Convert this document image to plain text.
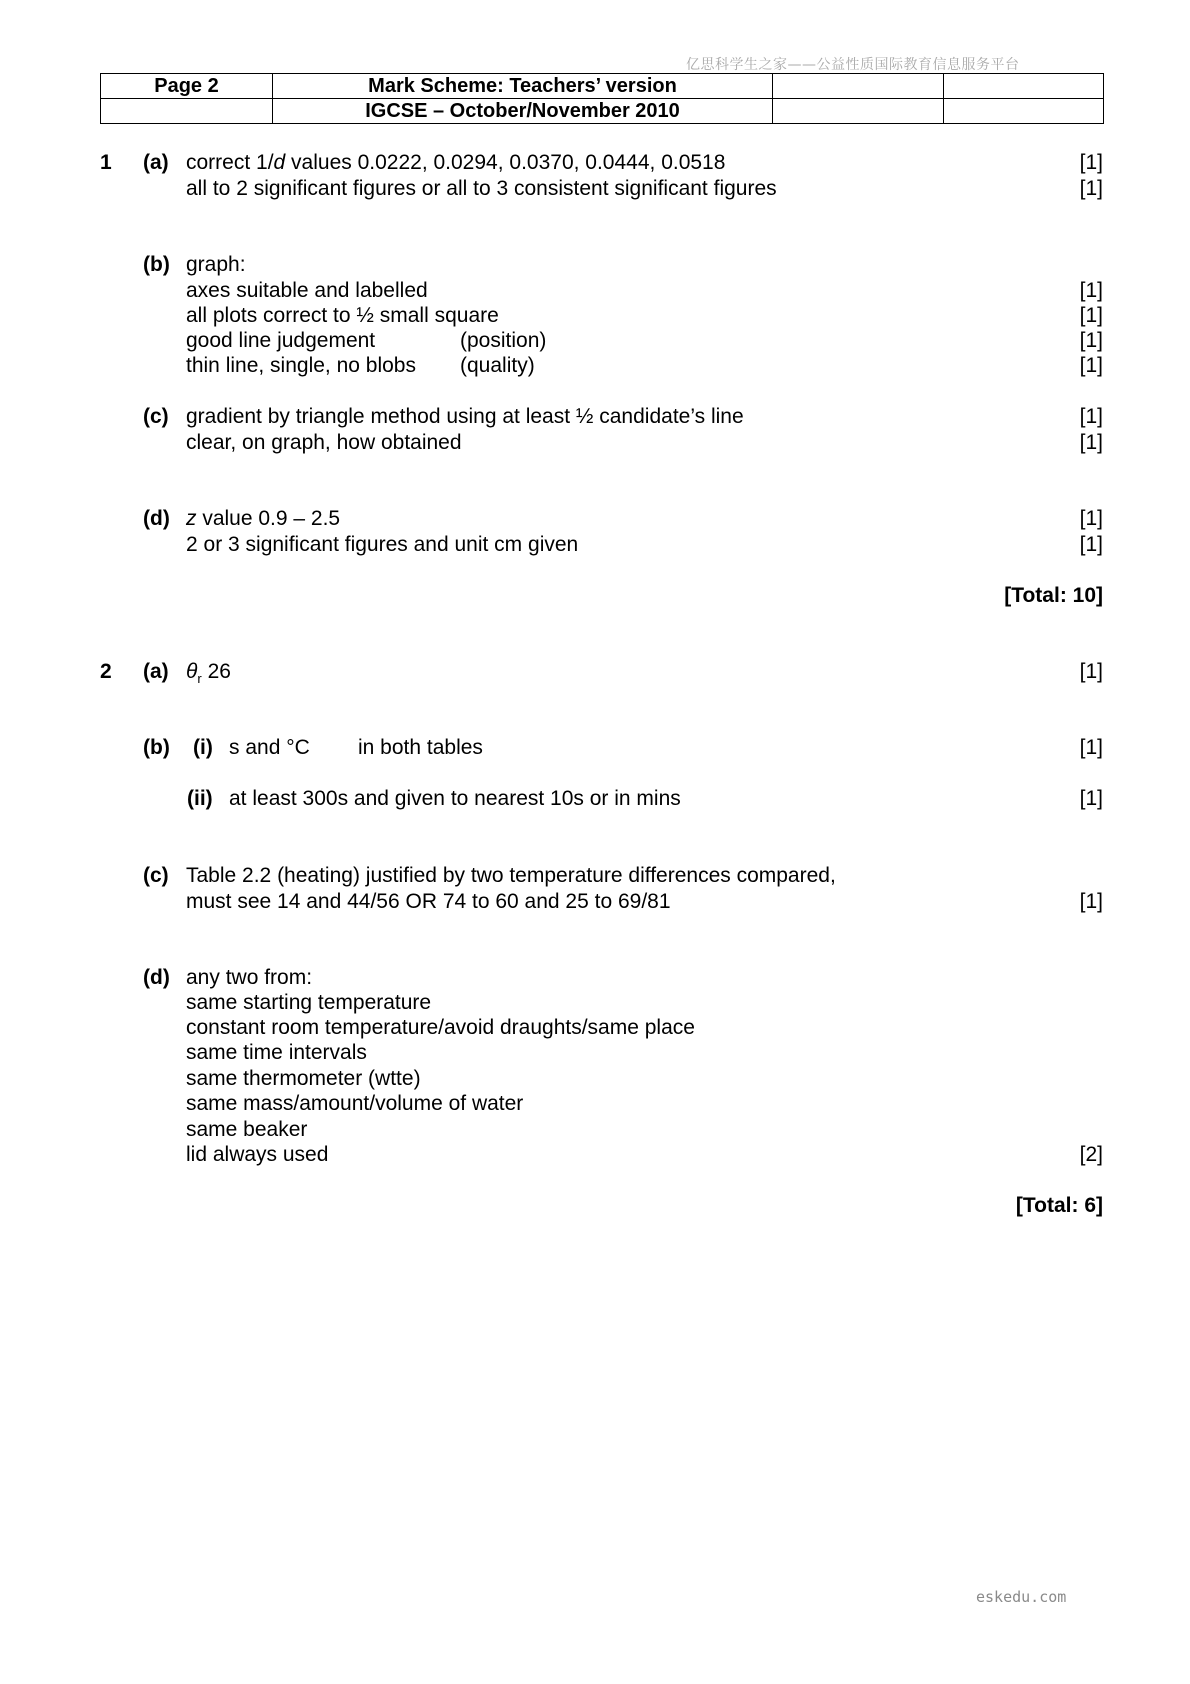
亿思科学生之家——公益性质国际教育信息服务平台
Page 2	Mark Scheme: Teachers’ version		
	IGCSE – October/November 2010		
1 (a) correct 1/d values 0.0222, 0.0294, 0.0370, 0.0444, 0.0518	[1]
all to 2 significant figures or all to 3 consistent significant figures	[1]
(b) graph:
axes suitable and labelled	[1]
all plots correct to ½ small square	[1]
good line judgement	(position)	[1]
thin line, single, no blobs (quality)	[1]
(c) gradient by triangle method using at least ½ candidate’s line	[1]
clear, on graph, how obtained	[1]
(d) z value 0.9 – 2.5	[1]
2 or 3 significant figures and unit cm given	[1]
[Total: 10]
2 (a) $\theta_r$ 26	[1]
(b) (i) s and °C in both tables	[1]
(ii) at least 300s and given to nearest 10s or in mins	[1]
(c) Table 2.2 (heating) justified by two temperature differences compared,
must see 14 and 44/56 OR 74 to 60 and 25 to 69/81	[1]
(d) any two from:
same starting temperature
constant room temperature/avoid draughts/same place
same time intervals
same thermometer (wtte)
same mass/amount/volume of water
same beaker
lid always used	[2]
[Total: 6]
eskedu.com
